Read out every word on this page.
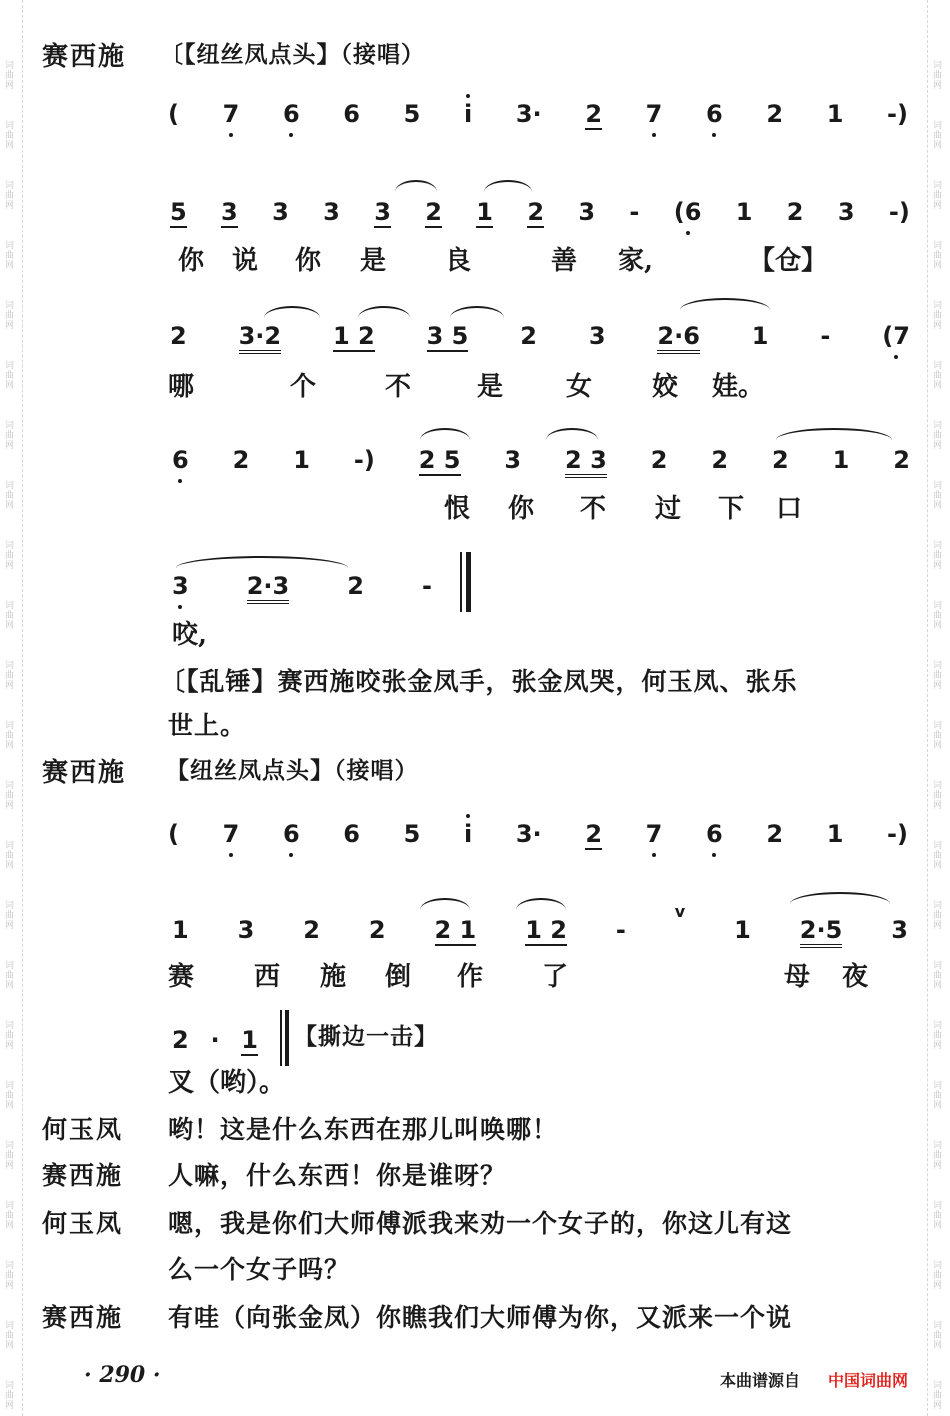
词曲网
词曲网
词曲网
词曲网
词曲网
词曲网
词曲网
词曲网
词曲网
词曲网
词曲网
词曲网
词曲网
词曲网
词曲网
词曲网
词曲网
词曲网
词曲网
词曲网
词曲网
词曲网
词曲网
词曲网
词曲网
词曲网
词曲网
词曲网
词曲网
词曲网
词曲网
词曲网
词曲网
词曲网
词曲网
词曲网
词曲网
词曲网
词曲网
词曲网
词曲网
词曲网
词曲网
词曲网
词曲网
词曲网
赛西施 〔【纽丝凤点头】（接唱）
( 7 6 6 5 i 3· 2 7 6 2 1 -)
5 3 3 3 3 2 1 2 3 - (6 1 2 3 -)
你	说	你	是	良	善	家,	【仓】
2 3·2 1 2 3 5 2 3 2·6 1 - (7
哪	个	不	是	女	姣	娃。
6 2 1 -) 2 5 3 2 3 2 2 2 1 2
恨	你	不	过	下	口
3 2·3 2 -
咬,
〔【乱锤】赛西施咬张金凤手，张金凤哭，何玉凤、张乐
世上。
赛西施 【纽丝凤点头】（接唱）
( 7 6 6 5 i 3· 2 7 6 2 1 -)
1 3 2 2 2 1 1 2 -
v
1 2·5 3
赛	西	施	倒	作	了	母	夜
2 · 1 【撕边一击】
叉（哟）。
何玉凤 哟！这是什么东西在那儿叫唤哪！
赛西施 人嘛，什么东西！你是谁呀？
何玉凤 嗯，我是你们大师傅派我来劝一个女子的，你这儿有这
么一个女子吗？
赛西施 有哇（向张金凤）你瞧我们大师傅为你，又派来一个说
· 290 ·	本曲谱源自 中国词曲网
